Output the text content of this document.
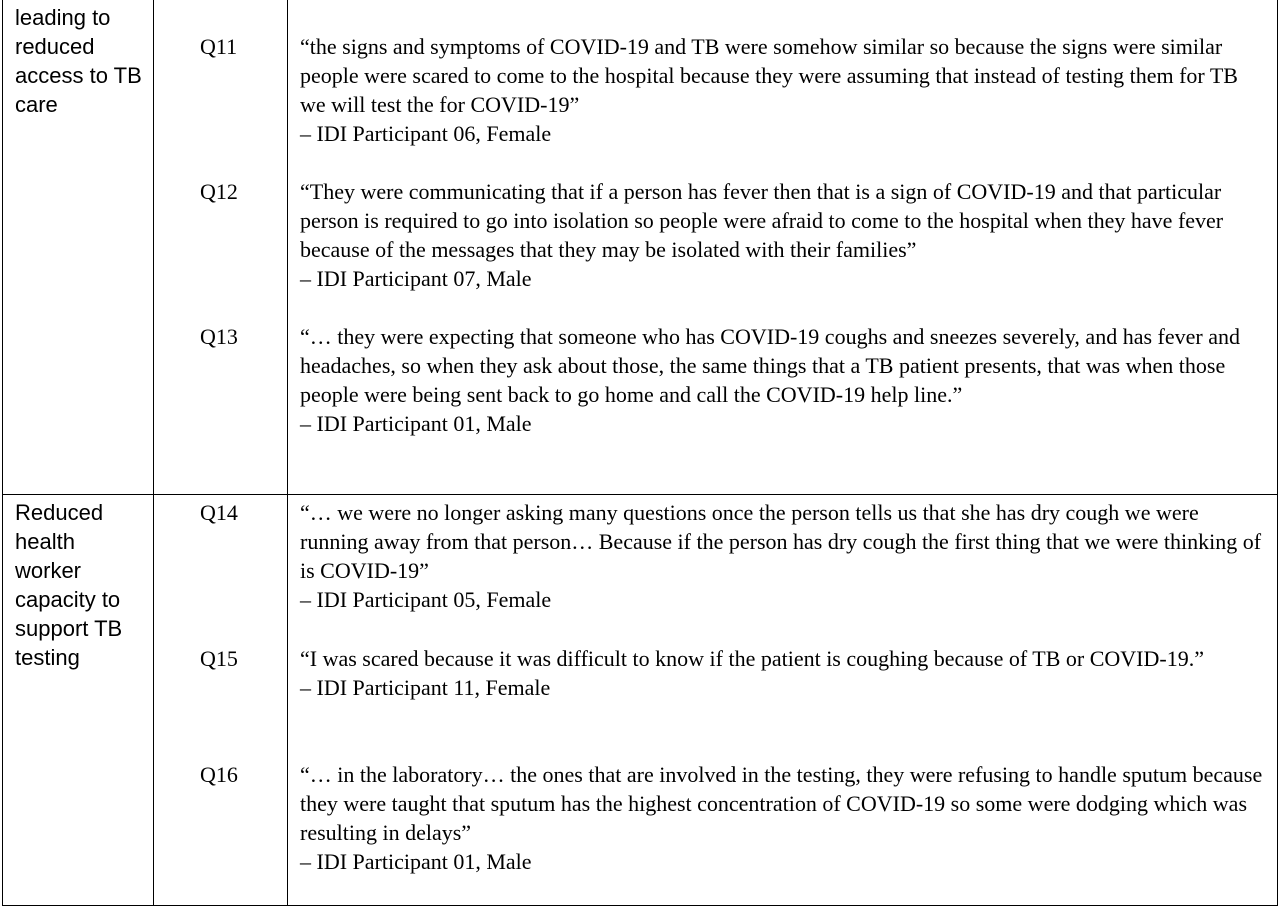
leading to reduced access to TB care
Q11	“the signs and symptoms of COVID-19 and TB were somehow similar so because the signs were similar people were scared to come to the hospital because they were assuming that instead of testing them for TB we will test the for COVID-19”
– IDI Participant 06, Female
Q12	“They were communicating that if a person has fever then that is a sign of COVID-19 and that particular person is required to go into isolation so people were afraid to come to the hospital when they have fever because of the messages that they may be isolated with their families”
– IDI Participant 07, Male
Q13	“… they were expecting that someone who has COVID-19 coughs and sneezes severely, and has fever and headaches, so when they ask about those, the same things that a TB patient presents, that was when those people were being sent back to go home and call the COVID-19 help line.”
– IDI Participant 01, Male
Reduced health worker capacity to support TB testing
Q14	“… we were no longer asking many questions once the person tells us that she has dry cough we were running away from that person… Because if the person has dry cough the first thing that we were thinking of is COVID-19”
– IDI Participant 05, Female
Q15	“I was scared because it was difficult to know if the patient is coughing because of TB or COVID-19.”
– IDI Participant 11, Female
Q16	“… in the laboratory… the ones that are involved in the testing, they were refusing to handle sputum because they were taught that sputum has the highest concentration of COVID-19 so some were dodging which was resulting in delays”
– IDI Participant 01, Male
